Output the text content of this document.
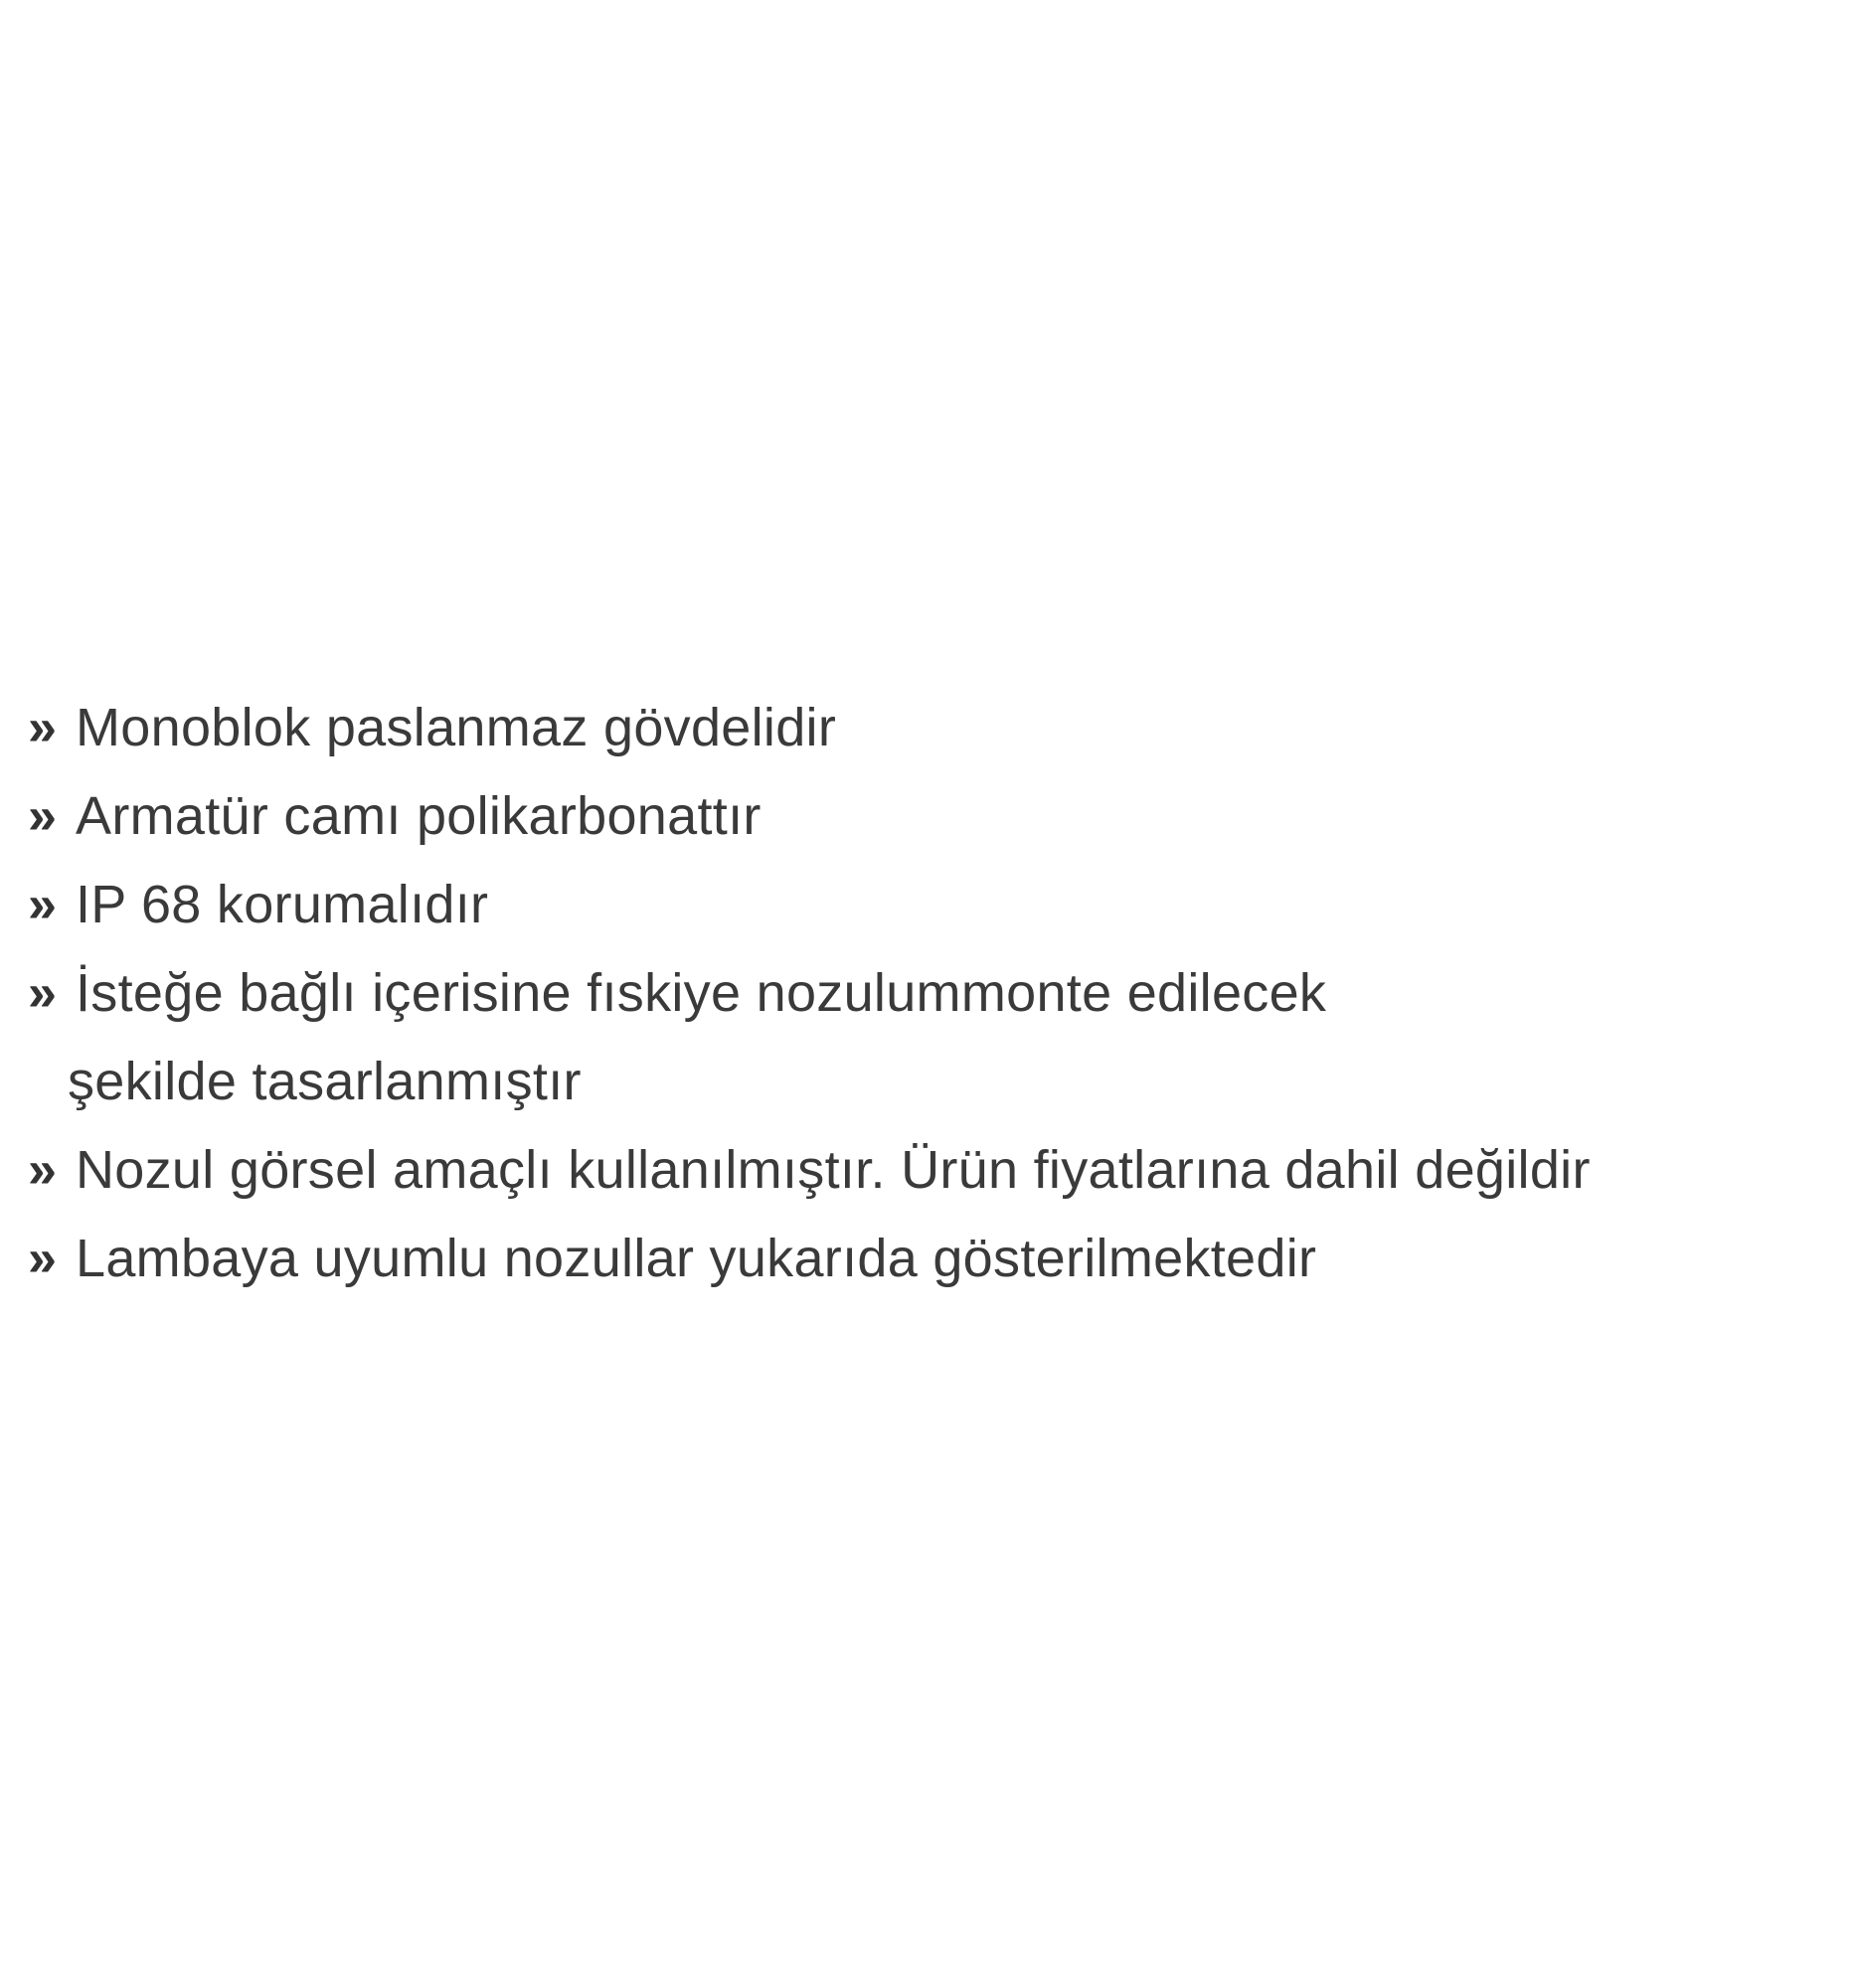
» Monoblok paslanmaz gövdelidir
» Armatür camı polikarbonattır
» IP 68 korumalıdır
» İsteğe bağlı içerisine fıskiye nozulummonte edilecek
şekilde tasarlanmıştır
» Nozul görsel amaçlı kullanılmıştır. Ürün fiyatlarına dahil değildir
» Lambaya uyumlu nozullar yukarıda gösterilmektedir
